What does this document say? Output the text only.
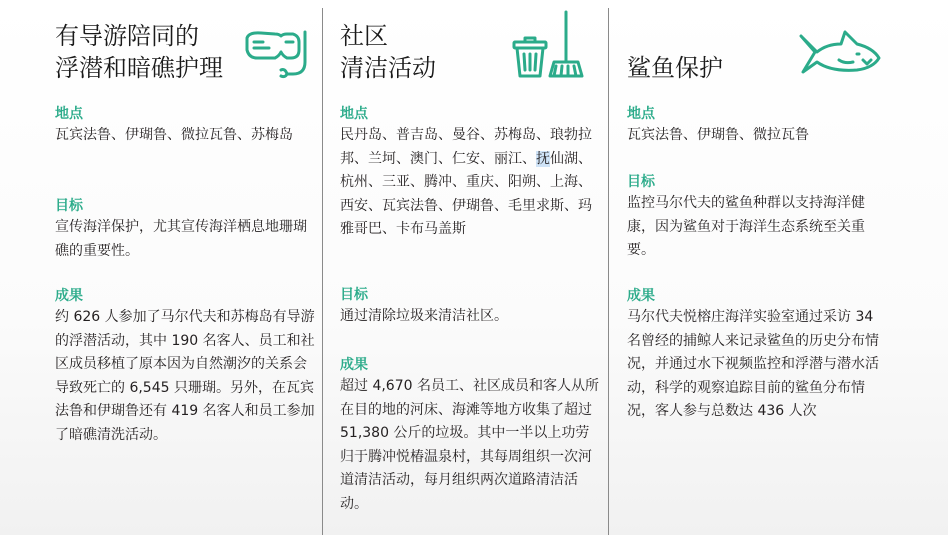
有导游陪同的
浮潜和暗礁护理
地点
瓦宾法鲁、伊瑚鲁、微拉瓦鲁、苏梅岛
目标
宣传海洋保护，尤其宣传海洋栖息地珊瑚礁的重要性。
成果
约 626 人参加了马尔代夫和苏梅岛有导游的浮潜活动，其中 190 名客人、员工和社区成员移植了原本因为自然潮汐的关系会导致死亡的 6,545 只珊瑚。另外，在瓦宾法鲁和伊瑚鲁还有 419 名客人和员工参加了暗礁清洗活动。
社区
清洁活动
地点
民丹岛、普吉岛、曼谷、苏梅岛、琅勃拉邦、兰坷、澳门、仁安、丽江、抚仙湖、杭州、三亚、腾冲、重庆、阳朔、上海、西安、瓦宾法鲁、伊瑚鲁、毛里求斯、玛雅哥巴、卡布马盖斯
目标
通过清除垃圾来清洁社区。
成果
超过 4,670 名员工、社区成员和客人从所在目的地的河床、海滩等地方收集了超过 51,380 公斤的垃圾。其中一半以上功劳归于腾冲悦椿温泉村，其每周组织一次河道清洁活动，每月组织两次道路清洁活动。
鲨鱼保护
地点
瓦宾法鲁、伊瑚鲁、微拉瓦鲁
目标
监控马尔代夫的鲨鱼种群以支持海洋健康，因为鲨鱼对于海洋生态系统至关重要。
成果
马尔代夫悦榕庄海洋实验室通过采访 34 名曾经的捕鲸人来记录鲨鱼的历史分布情况，并通过水下视频监控和浮潜与潜水活动，科学的观察追踪目前的鲨鱼分布情况，客人参与总数达 436 人次
